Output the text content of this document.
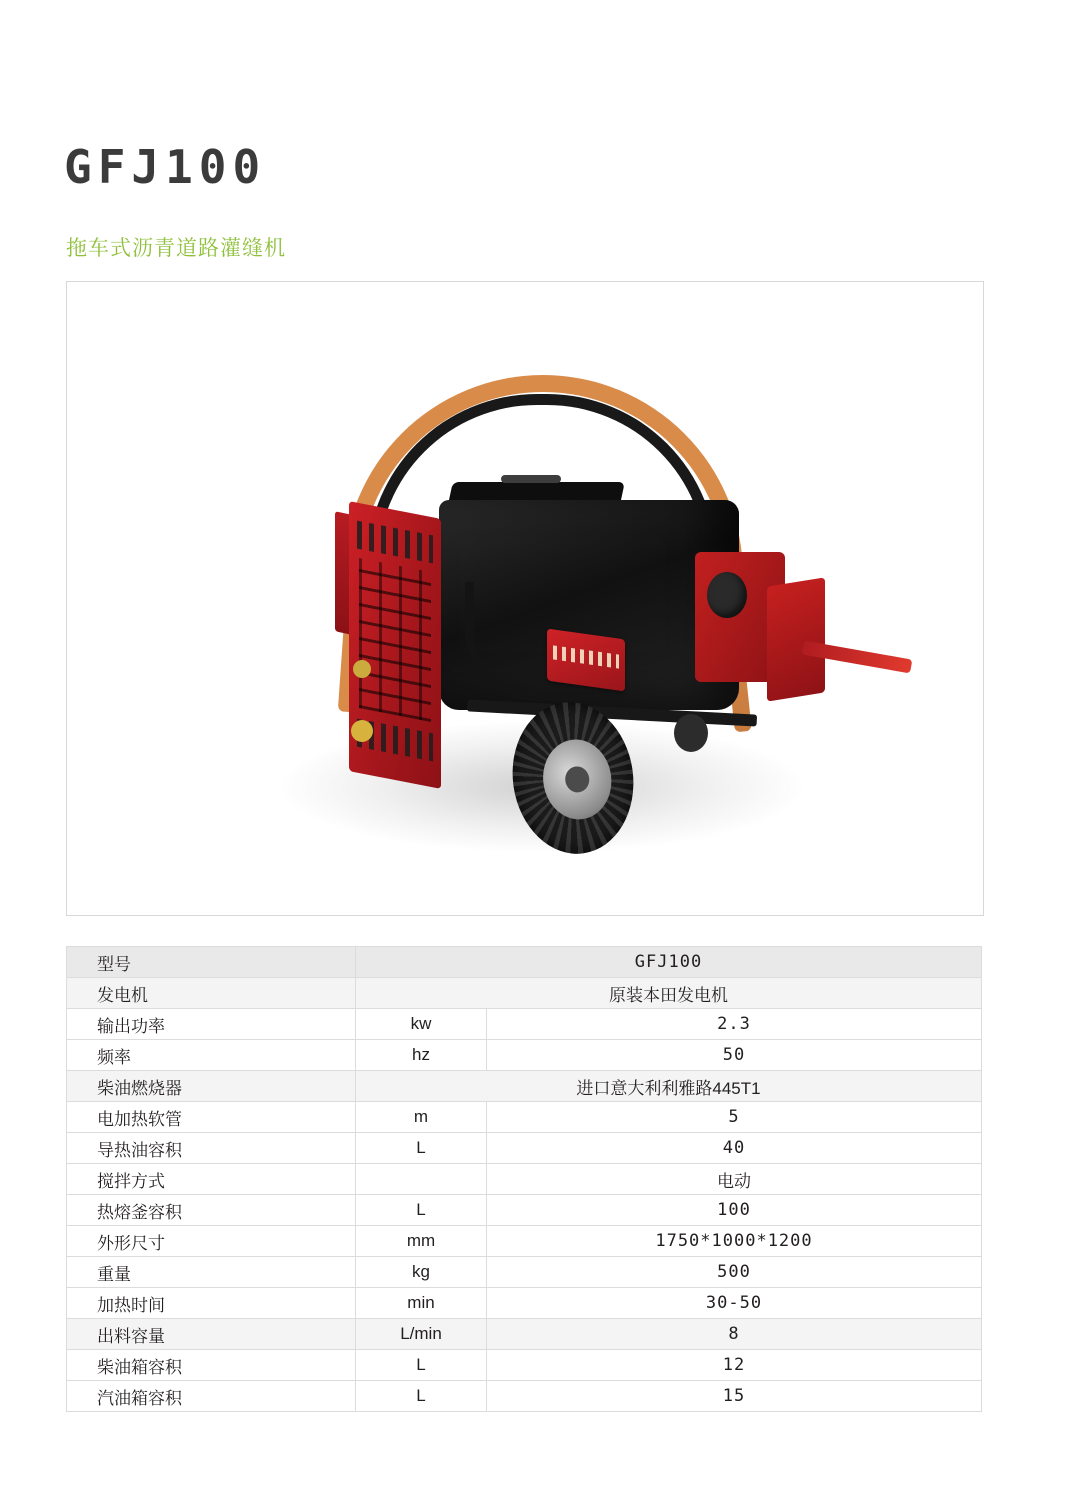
GFJ100
拖车式沥青道路灌缝机
型号	GFJ100	
发电机	原装本田发电机	
输出功率	kw	2.3
频率	hz	50
柴油燃烧器	进口意大利利雅路445T1	
电加热软管	m	5
导热油容积	L	40
搅拌方式		电动
热熔釜容积	L	100
外形尺寸	mm	1750*1000*1200
重量	kg	500
加热时间	min	30-50
出料容量	L/min	8
柴油箱容积	L	12
汽油箱容积	L	15
